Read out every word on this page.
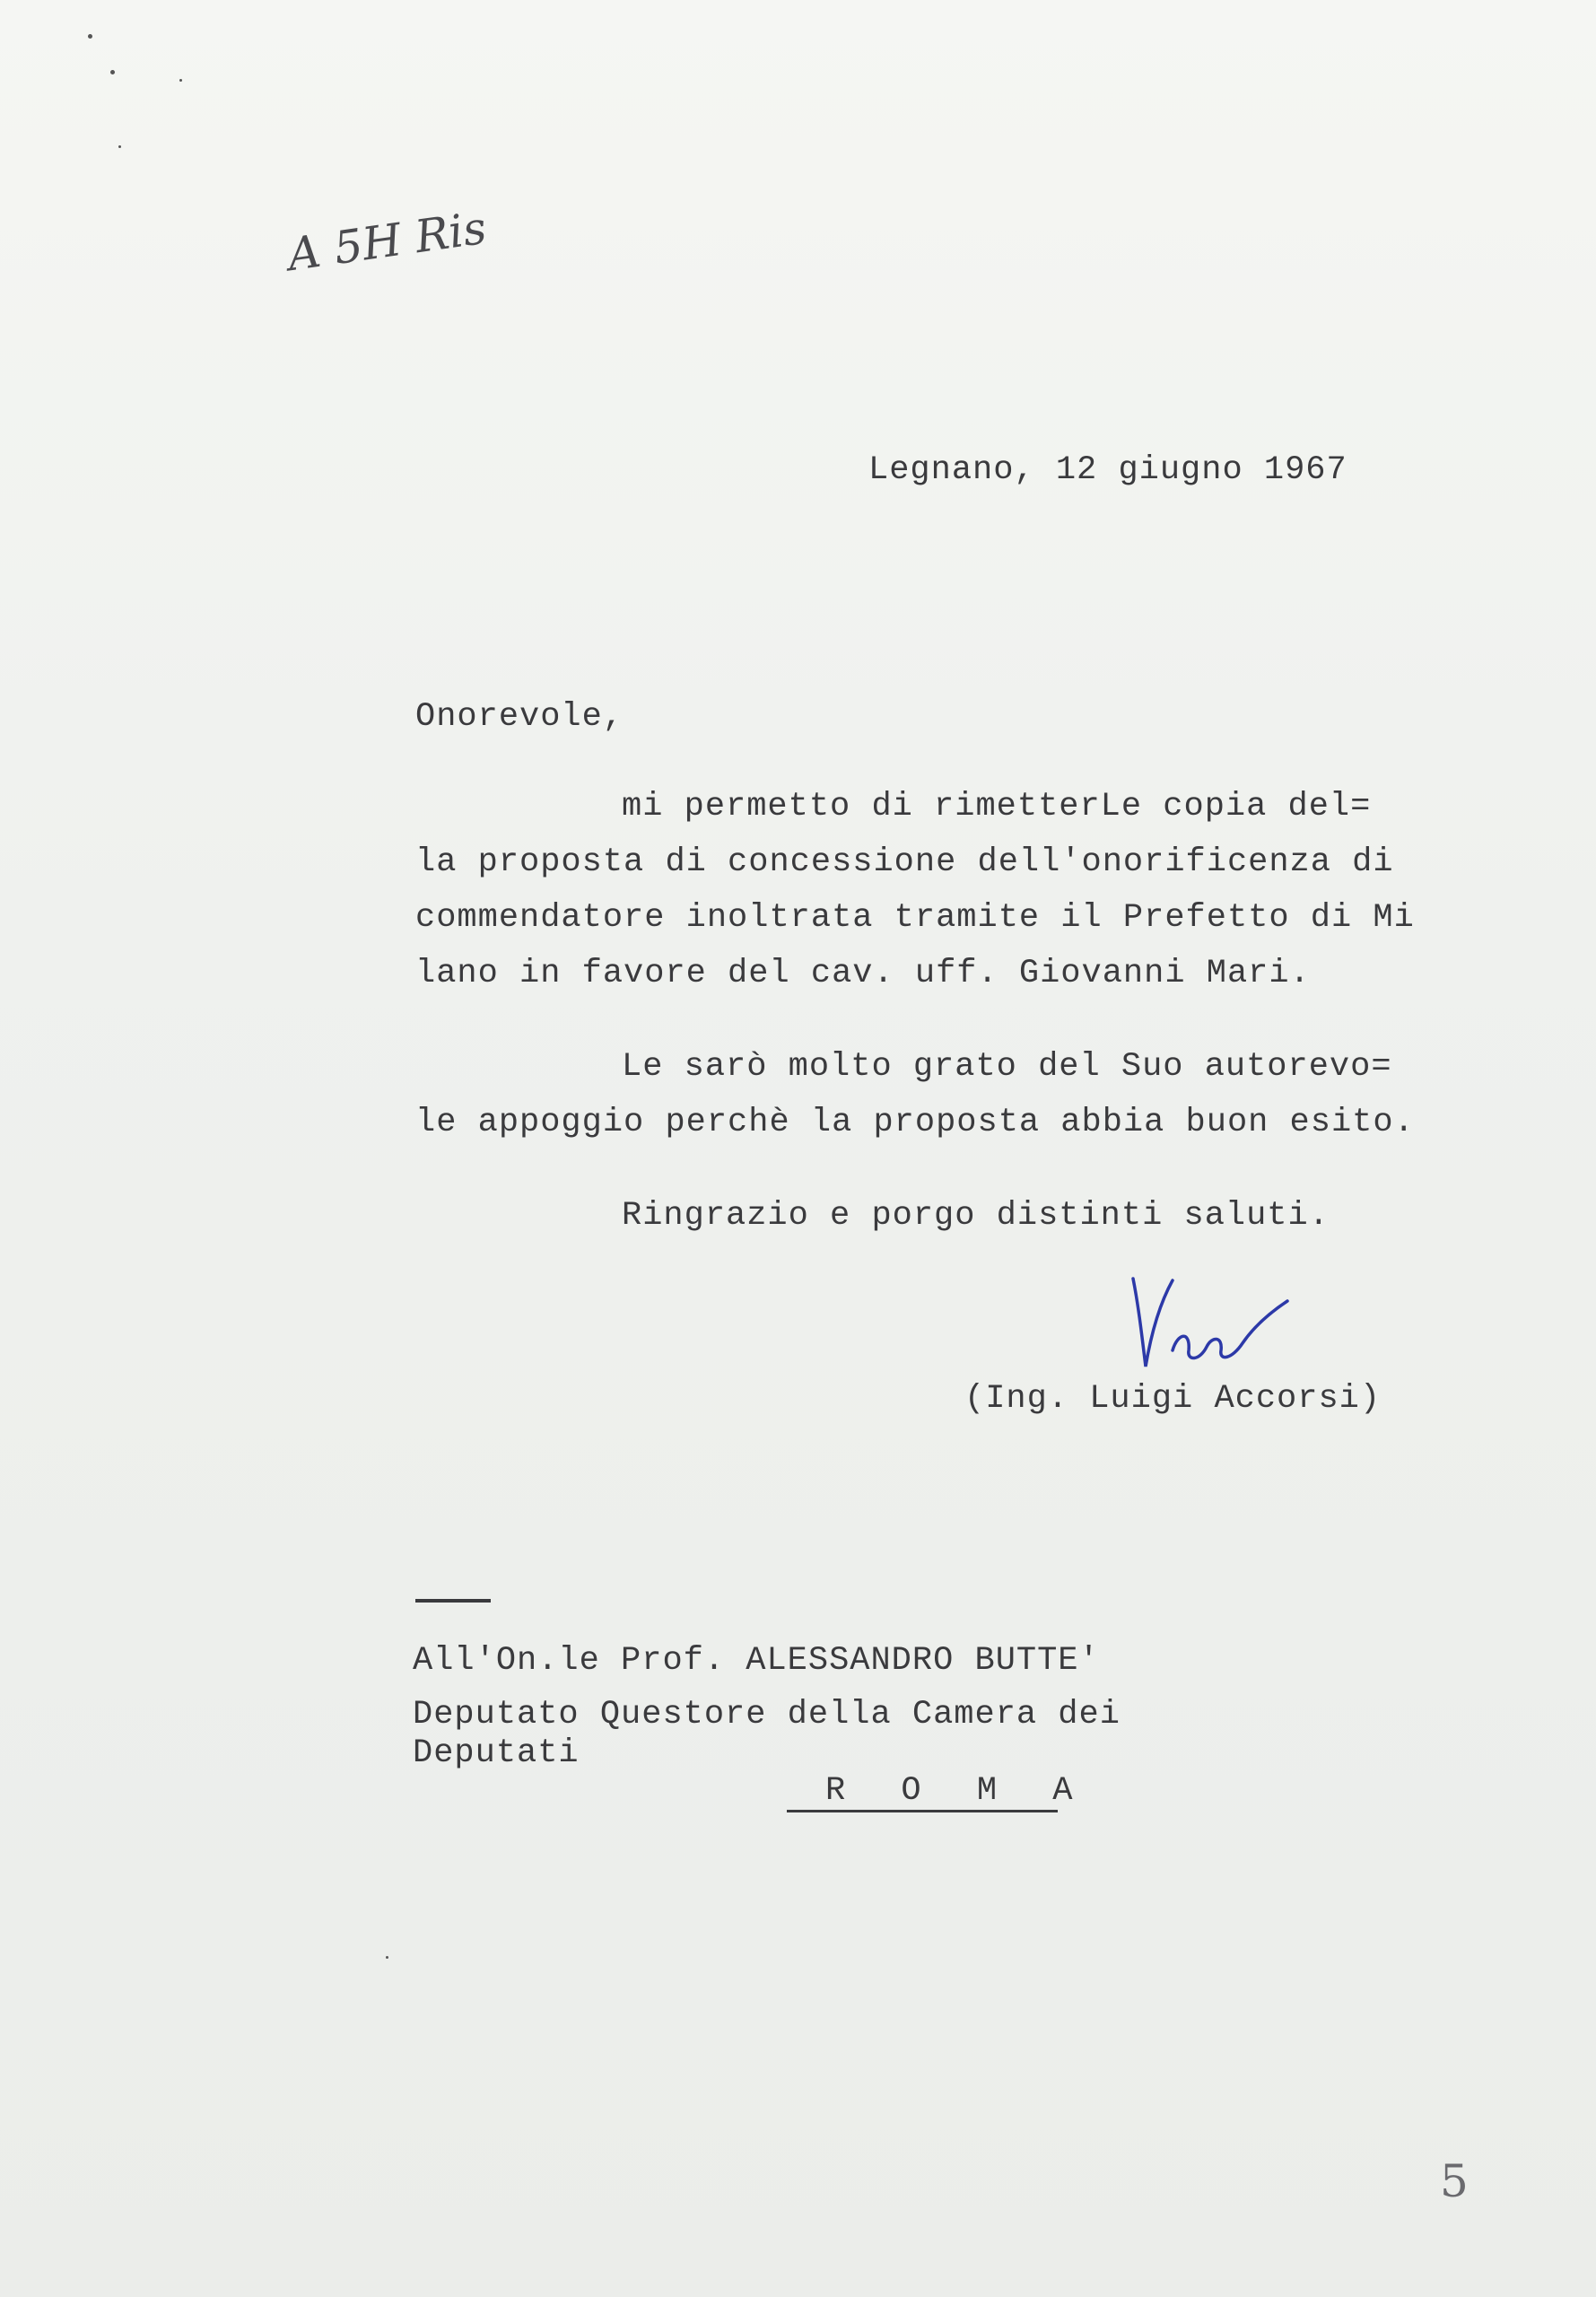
A 5H Ris
Legnano, 12 giugno 1967
Onorevole,
mi permetto di rimetterLe copia del=
la proposta di concessione dell'onorificenza di
commendatore inoltrata tramite il Prefetto di Mi
lano in favore del cav. uff. Giovanni Mari.
Le sarò molto grato del Suo autorevo=
le appoggio perchè la proposta abbia buon esito.
Ringrazio e porgo distinti saluti.
(Ing. Luigi Accorsi)
All'On.le Prof. ALESSANDRO BUTTE'
Deputato Questore della Camera dei
Deputati
R O M A
5
